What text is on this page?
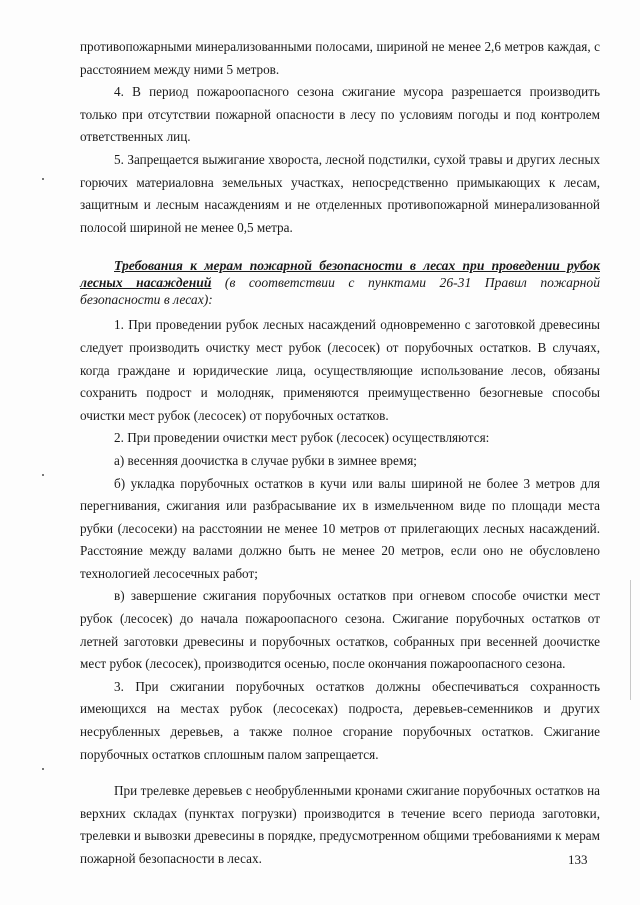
противопожарными минерализованными полосами, шириной не менее 2,6 метров каждая, с расстоянием между ними 5 метров.

4. В период пожароопасного сезона сжигание мусора разрешается производить только при отсутствии пожарной опасности в лесу по условиям погоды и под контролем ответственных лиц.

5. Запрещается выжигание хвороста, лесной подстилки, сухой травы и других лесных горючих материаловна земельных участках, непосредственно примыкающих к лесам, защитным и лесным насаждениям и не отделенных противопожарной минерализованной полосой шириной не менее 0,5 метра.

Требования к мерам пожарной безопасности в лесах при проведении рубок лесных насаждений (в соответствии с пунктами 26-31 Правил пожарной безопасности в лесах):

1. При проведении рубок лесных насаждений одновременно с заготовкой древесины следует производить очистку мест рубок (лесосек) от порубочных остатков. В случаях, когда граждане и юридические лица, осуществляющие использование лесов, обязаны сохранить подрост и молодняк, применяются преимущественно безогневые способы очистки мест рубок (лесосек) от порубочных остатков.

2. При проведении очистки мест рубок (лесосек) осуществляются:

а) весенняя доочистка в случае рубки в зимнее время;

б) укладка порубочных остатков в кучи или валы шириной не более 3 метров для перегнивания, сжигания или разбрасывание их в измельченном виде по площади места рубки (лесосеки) на расстоянии не менее 10 метров от прилегающих лесных насаждений. Расстояние между валами должно быть не менее 20 метров, если оно не обусловлено технологией лесосечных работ;

в) завершение сжигания порубочных остатков при огневом способе очистки мест рубок (лесосек) до начала пожароопасного сезона. Сжигание порубочных остатков от летней заготовки древесины и порубочных остатков, собранных при весенней доочистке мест рубок (лесосек), производится осенью, после окончания пожароопасного сезона.

3. При сжигании порубочных остатков должны обеспечиваться сохранность имеющихся на местах рубок (лесосеках) подроста, деревьев-семенников и других несрубленных деревьев, а также полное сгорание порубочных остатков. Сжигание порубочных остатков сплошным палом запрещается.

При трелевке деревьев с необрубленными кронами сжигание порубочных остатков на верхних складах (пунктах погрузки) производится в течение всего периода заготовки, трелевки и вывозки древесины в порядке, предусмотренном общими требованиями к мерам пожарной безопасности в лесах.	133
